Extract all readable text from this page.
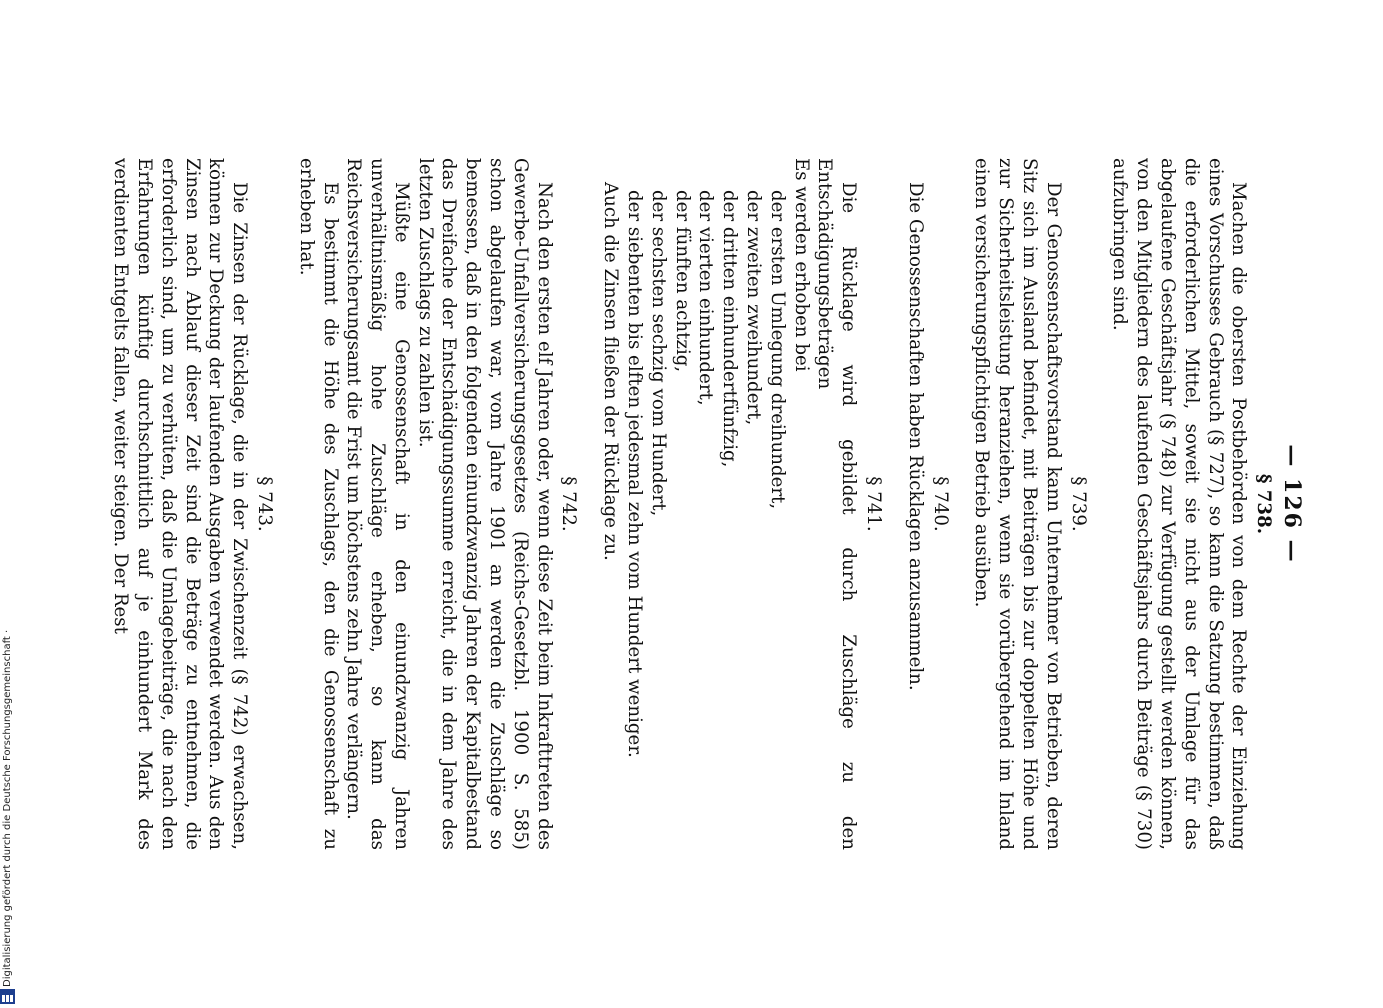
— 126 —
§ 738.

Machen die obersten Postbehörden von dem Rechte der Einziehung eines Vorschusses Gebrauch (§ 727), so kann die Satzung bestimmen, daß die erforderlichen Mittel, soweit sie nicht aus der Umlage für das abgelaufene Geschäftsjahr (§ 748) zur Verfügung gestellt werden können, von den Mitgliedern des laufenden Geschäftsjahrs durch Beiträge (§ 730) aufzubringen sind.

§ 739.

Der Genossenschaftsvorstand kann Unternehmer von Betrieben, deren Sitz sich im Ausland befindet, mit Beiträgen bis zur doppelten Höhe und zur Sicherheitsleistung heranziehen, wenn sie vorübergehend im Inland einen versicherungspflichtigen Betrieb ausüben.

§ 740.

Die Genossenschaften haben Rücklagen anzusammeln.

§ 741.

Die Rücklage wird gebildet durch Zuschläge zu den Entschädigungsbeträgen

Es werden erhoben bei

der ersten Umlegung dreihundert,
der zweiten zweihundert,
der dritten einhundertfünfzig,
der vierten einhundert,
der fünften achtzig,
der sechsten sechzig vom Hundert,
der siebenten bis elften jedesmal zehn vom Hundert weniger.

Auch die Zinsen fließen der Rücklage zu.

§ 742.

Nach den ersten elf Jahren oder, wenn diese Zeit beim Inkrafttreten des Gewerbe-Unfallversicherungsgesetzes (Reichs-Gesetzbl. 1900 S. 585) schon abgelaufen war, vom Jahre 1901 an werden die Zuschläge so bemessen, daß in den folgenden einundzwanzig Jahren der Kapitalbestand das Dreifache der Entschädigungssumme erreicht, die in dem Jahre des letzten Zuschlags zu zahlen ist.

Müßte eine Genossenschaft in den einundzwanzig Jahren unverhältnismäßig hohe Zuschläge erheben, so kann das Reichsversicherungsamt die Frist um höchstens zehn Jahre verlängern.

Es bestimmt die Höhe des Zuschlags, den die Genossenschaft zu erheben hat.

§ 743.

Die Zinsen der Rücklage, die in der Zwischenzeit (§ 742) erwachsen, können zur Deckung der laufenden Ausgaben verwendet werden. Aus den Zinsen nach Ablauf dieser Zeit sind die Beträge zu entnehmen, die erforderlich sind, um zu verhüten, daß die Umlagebeiträge, die nach den Erfahrungen künftig durchschnittlich auf je einhundert Mark des verdienten Entgelts fallen, weiter steigen. Der Rest

Digitalisierung gefördert durch die Deutsche Forschungsgemeinschaft ·
